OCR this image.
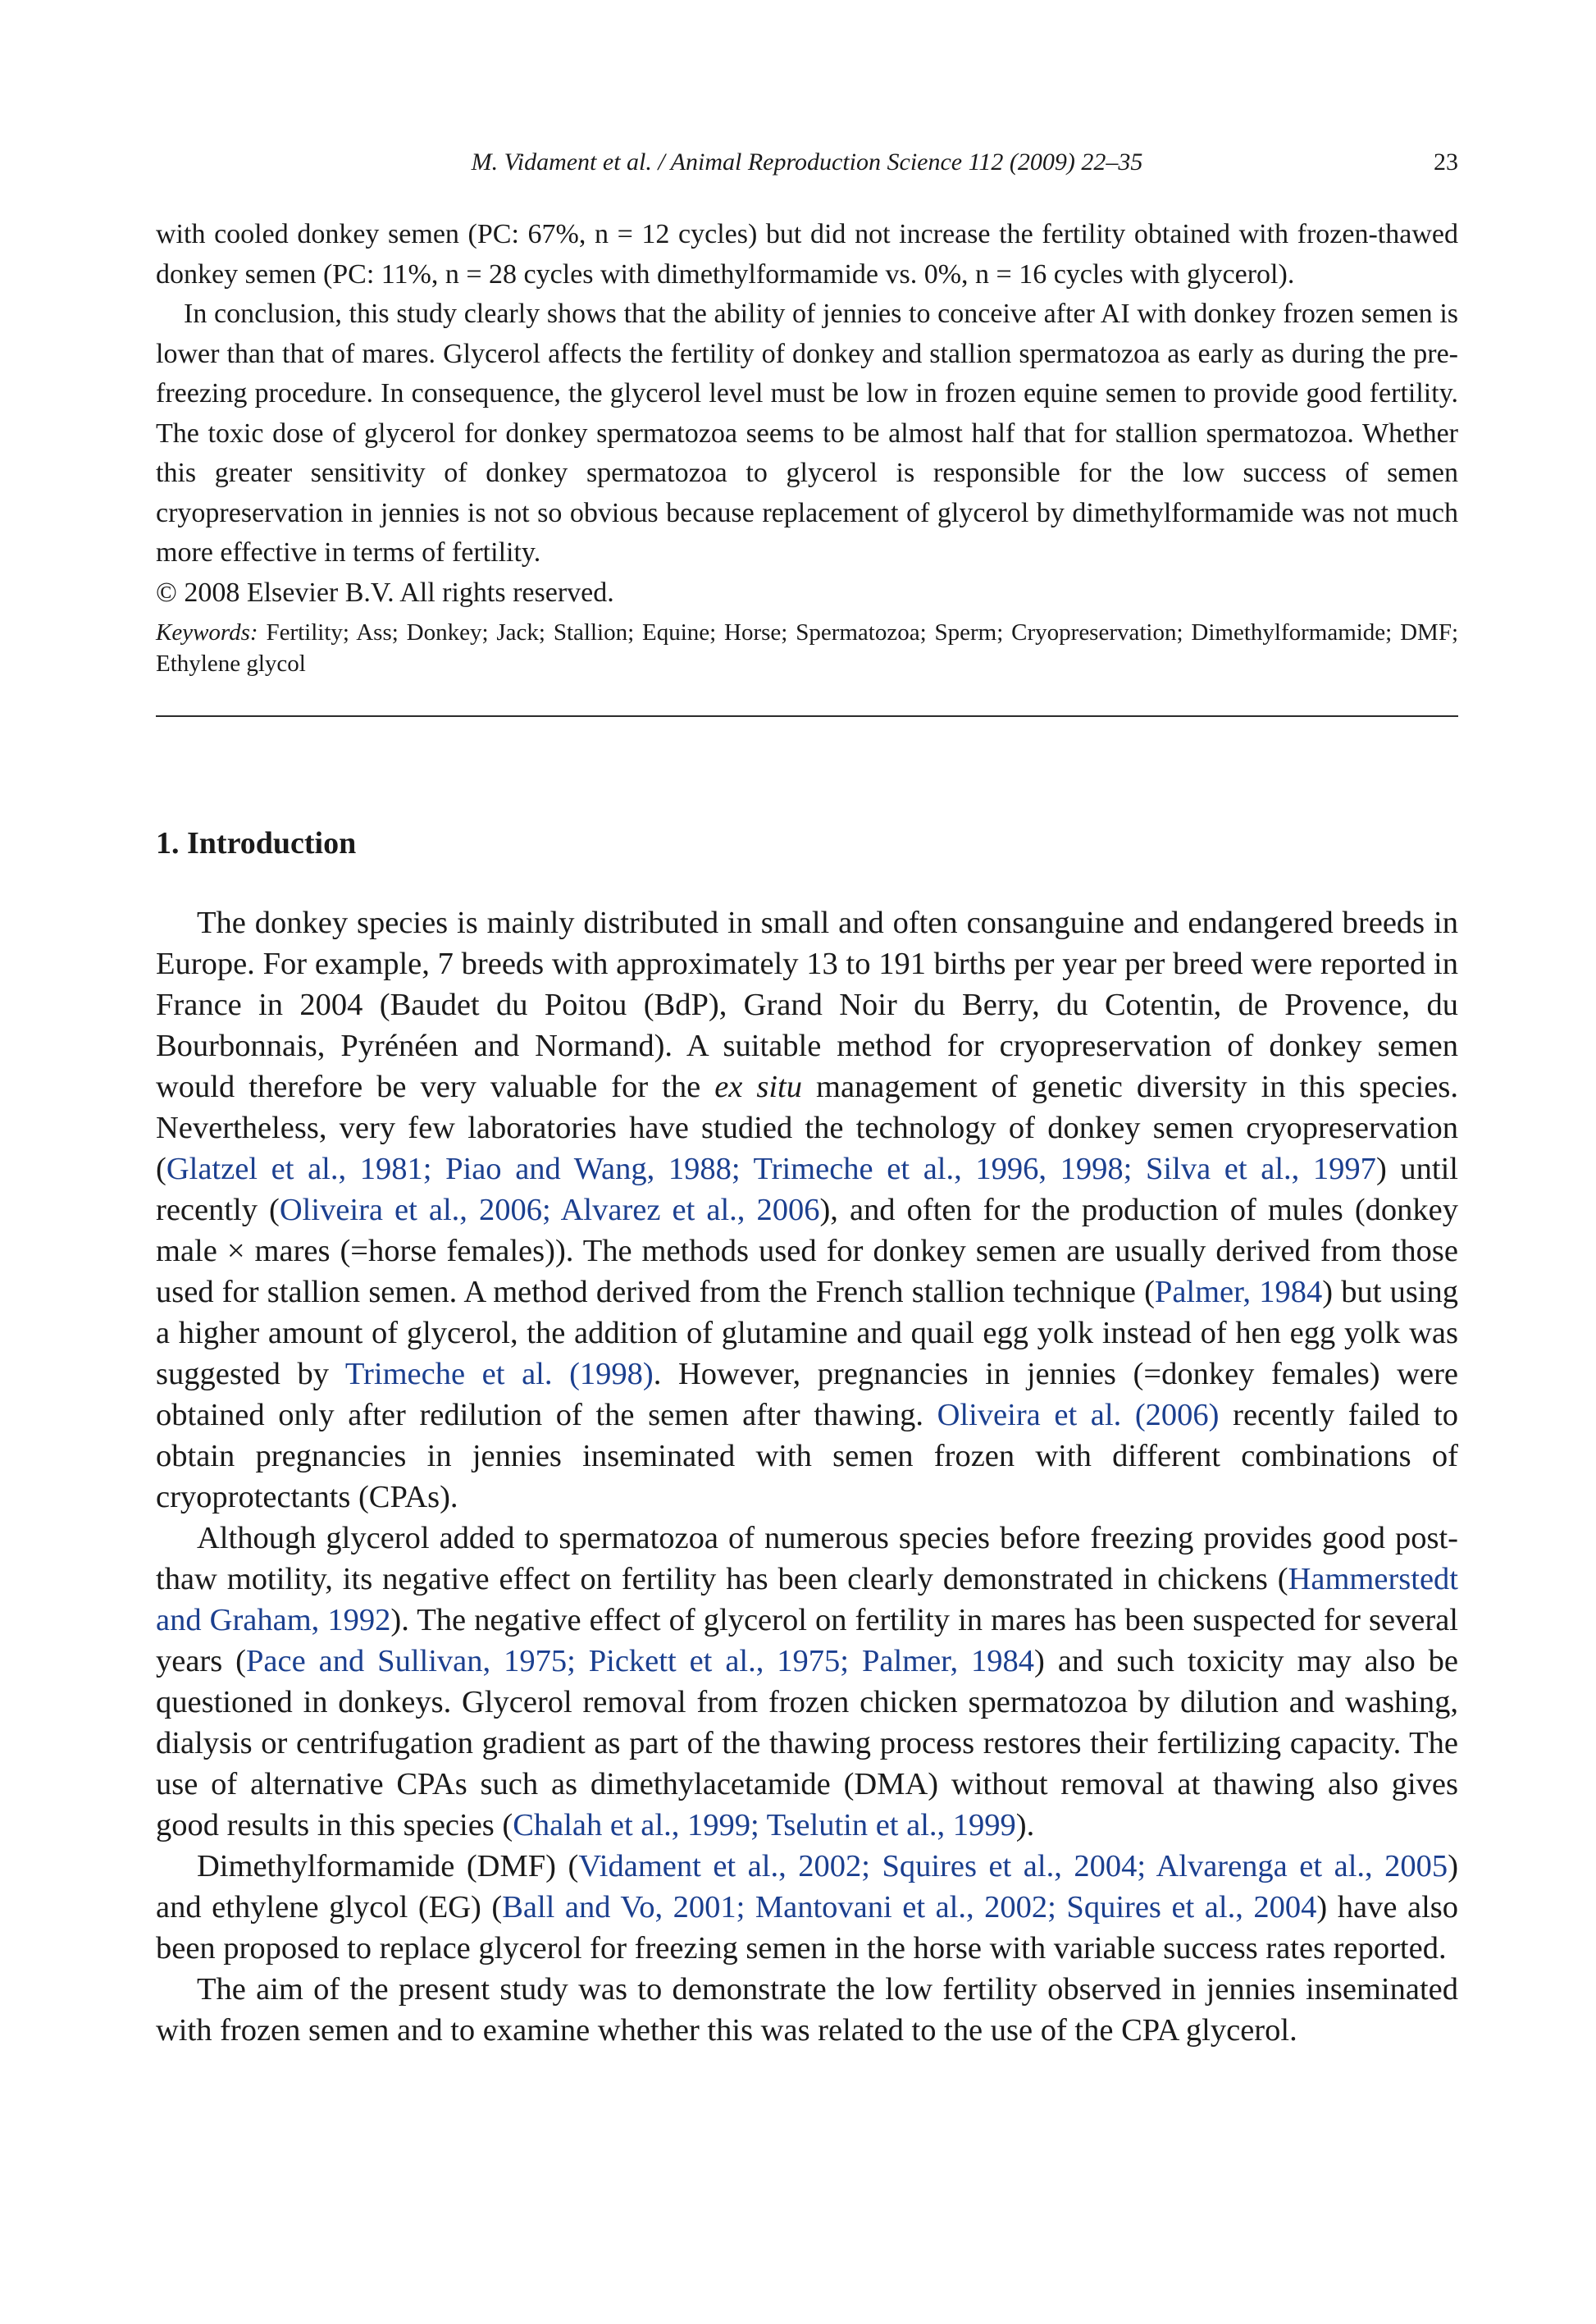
M. Vidament et al. / Animal Reproduction Science 112 (2009) 22–35	23

with cooled donkey semen (PC: 67%, n = 12 cycles) but did not increase the fertility obtained with frozen-thawed donkey semen (PC: 11%, n = 28 cycles with dimethylformamide vs. 0%, n = 16 cycles with glycerol).

In conclusion, this study clearly shows that the ability of jennies to conceive after AI with donkey frozen semen is lower than that of mares. Glycerol affects the fertility of donkey and stallion spermatozoa as early as during the pre-freezing procedure. In consequence, the glycerol level must be low in frozen equine semen to provide good fertility. The toxic dose of glycerol for donkey spermatozoa seems to be almost half that for stallion spermatozoa. Whether this greater sensitivity of donkey spermatozoa to glycerol is responsible for the low success of semen cryopreservation in jennies is not so obvious because replacement of glycerol by dimethylformamide was not much more effective in terms of fertility.

© 2008 Elsevier B.V. All rights reserved.

Keywords: Fertility; Ass; Donkey; Jack; Stallion; Equine; Horse; Spermatozoa; Sperm; Cryopreservation; Dimethylformamide; DMF; Ethylene glycol
1. Introduction

The donkey species is mainly distributed in small and often consanguine and endangered breeds in Europe. For example, 7 breeds with approximately 13 to 191 births per year per breed were reported in France in 2004 (Baudet du Poitou (BdP), Grand Noir du Berry, du Cotentin, de Provence, du Bourbonnais, Pyrénéen and Normand). A suitable method for cryopreservation of donkey semen would therefore be very valuable for the ex situ management of genetic diversity in this species. Nevertheless, very few laboratories have studied the technology of donkey semen cryopreservation (Glatzel et al., 1981; Piao and Wang, 1988; Trimeche et al., 1996, 1998; Silva et al., 1997) until recently (Oliveira et al., 2006; Alvarez et al., 2006), and often for the production of mules (donkey male × mares (=horse females)). The methods used for donkey semen are usually derived from those used for stallion semen. A method derived from the French stallion technique (Palmer, 1984) but using a higher amount of glycerol, the addition of glutamine and quail egg yolk instead of hen egg yolk was suggested by Trimeche et al. (1998). However, pregnancies in jennies (=donkey females) were obtained only after redilution of the semen after thawing. Oliveira et al. (2006) recently failed to obtain pregnancies in jennies inseminated with semen frozen with different combinations of cryoprotectants (CPAs).

Although glycerol added to spermatozoa of numerous species before freezing provides good post-thaw motility, its negative effect on fertility has been clearly demonstrated in chickens (Hammerstedt and Graham, 1992). The negative effect of glycerol on fertility in mares has been suspected for several years (Pace and Sullivan, 1975; Pickett et al., 1975; Palmer, 1984) and such toxicity may also be questioned in donkeys. Glycerol removal from frozen chicken spermatozoa by dilution and washing, dialysis or centrifugation gradient as part of the thawing process restores their fertilizing capacity. The use of alternative CPAs such as dimethylacetamide (DMA) without removal at thawing also gives good results in this species (Chalah et al., 1999; Tselutin et al., 1999).

Dimethylformamide (DMF) (Vidament et al., 2002; Squires et al., 2004; Alvarenga et al., 2005) and ethylene glycol (EG) (Ball and Vo, 2001; Mantovani et al., 2002; Squires et al., 2004) have also been proposed to replace glycerol for freezing semen in the horse with variable success rates reported.

The aim of the present study was to demonstrate the low fertility observed in jennies inseminated with frozen semen and to examine whether this was related to the use of the CPA glycerol.
